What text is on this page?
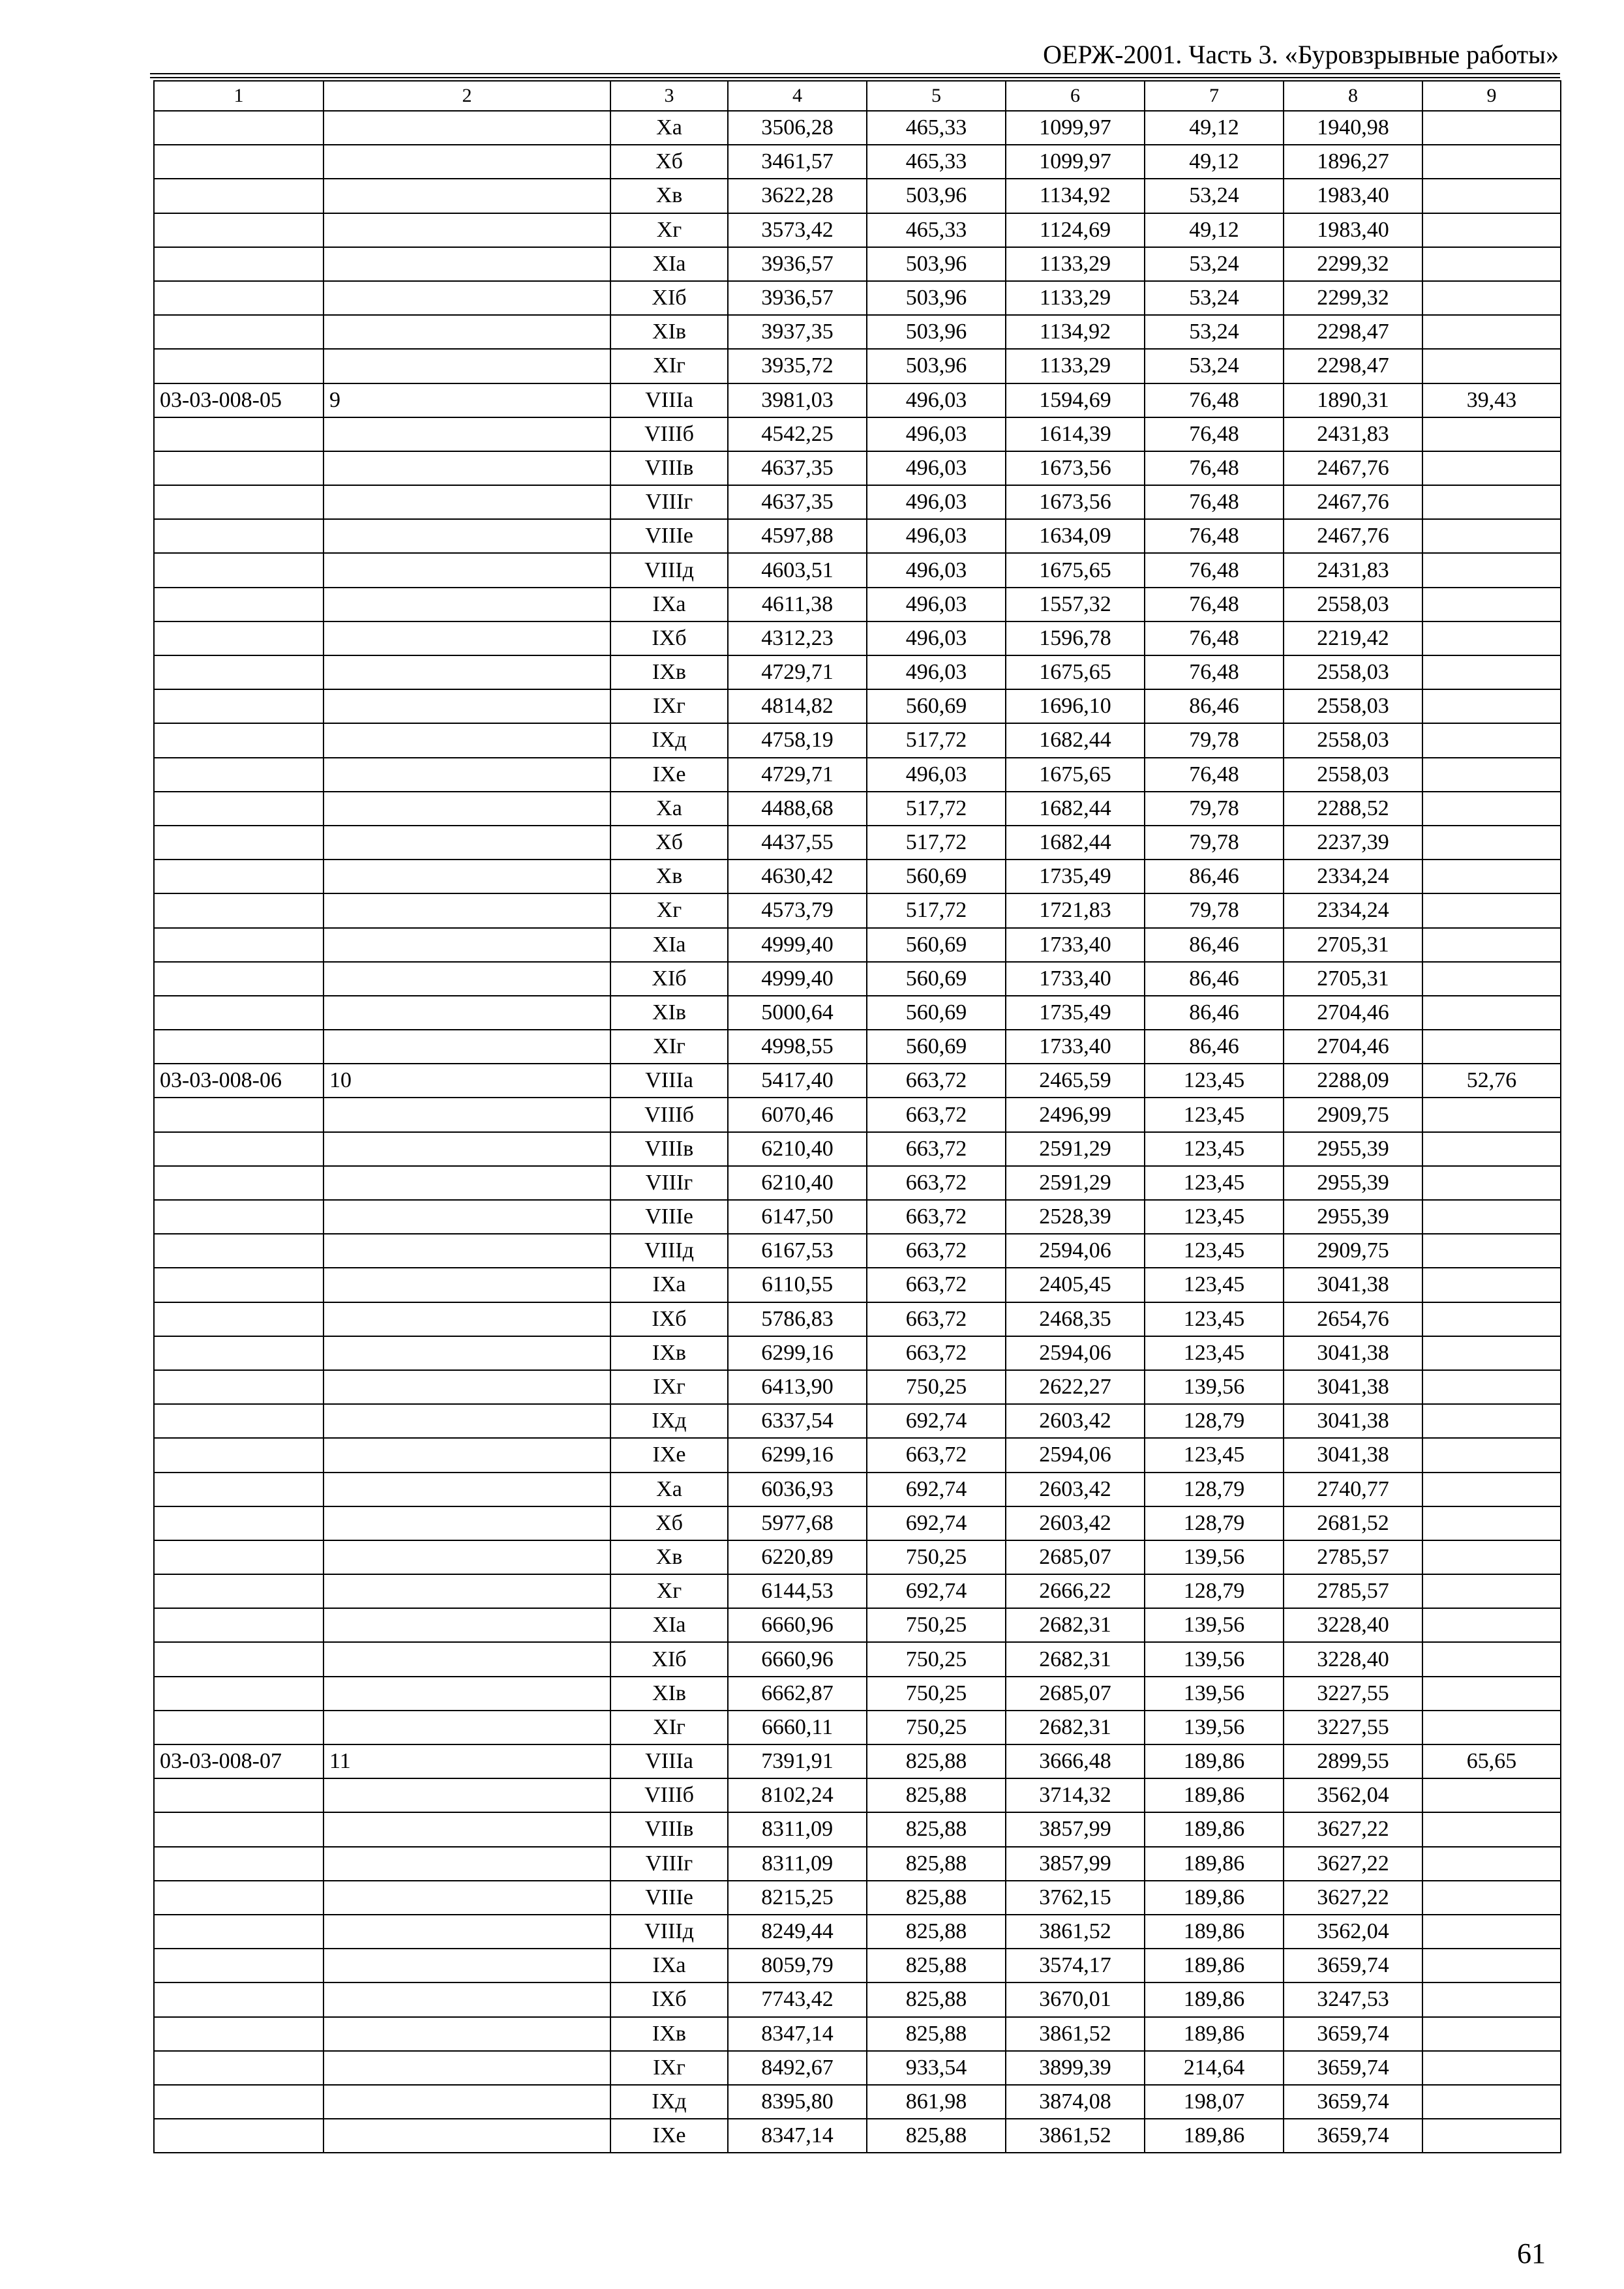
ОЕРЖ-2001. Часть 3. «Буровзрывные работы»
1	2	3	4	5	6	7	8	9
		Xа	3506,28	465,33	1099,97	49,12	1940,98	
		Xб	3461,57	465,33	1099,97	49,12	1896,27	
		Xв	3622,28	503,96	1134,92	53,24	1983,40	
		Xг	3573,42	465,33	1124,69	49,12	1983,40	
		XIа	3936,57	503,96	1133,29	53,24	2299,32	
		XIб	3936,57	503,96	1133,29	53,24	2299,32	
		XIв	3937,35	503,96	1134,92	53,24	2298,47	
		XIг	3935,72	503,96	1133,29	53,24	2298,47	
03-03-008-05	9	VIIIа	3981,03	496,03	1594,69	76,48	1890,31	39,43
		VIIIб	4542,25	496,03	1614,39	76,48	2431,83	
		VIIIв	4637,35	496,03	1673,56	76,48	2467,76	
		VIIIг	4637,35	496,03	1673,56	76,48	2467,76	
		VIIIе	4597,88	496,03	1634,09	76,48	2467,76	
		VIIIд	4603,51	496,03	1675,65	76,48	2431,83	
		IXа	4611,38	496,03	1557,32	76,48	2558,03	
		IXб	4312,23	496,03	1596,78	76,48	2219,42	
		IXв	4729,71	496,03	1675,65	76,48	2558,03	
		IXг	4814,82	560,69	1696,10	86,46	2558,03	
		IXд	4758,19	517,72	1682,44	79,78	2558,03	
		IXе	4729,71	496,03	1675,65	76,48	2558,03	
		Xа	4488,68	517,72	1682,44	79,78	2288,52	
		Xб	4437,55	517,72	1682,44	79,78	2237,39	
		Xв	4630,42	560,69	1735,49	86,46	2334,24	
		Xг	4573,79	517,72	1721,83	79,78	2334,24	
		XIа	4999,40	560,69	1733,40	86,46	2705,31	
		XIб	4999,40	560,69	1733,40	86,46	2705,31	
		XIв	5000,64	560,69	1735,49	86,46	2704,46	
		XIг	4998,55	560,69	1733,40	86,46	2704,46	
03-03-008-06	10	VIIIа	5417,40	663,72	2465,59	123,45	2288,09	52,76
		VIIIб	6070,46	663,72	2496,99	123,45	2909,75	
		VIIIв	6210,40	663,72	2591,29	123,45	2955,39	
		VIIIг	6210,40	663,72	2591,29	123,45	2955,39	
		VIIIе	6147,50	663,72	2528,39	123,45	2955,39	
		VIIIд	6167,53	663,72	2594,06	123,45	2909,75	
		IXа	6110,55	663,72	2405,45	123,45	3041,38	
		IXб	5786,83	663,72	2468,35	123,45	2654,76	
		IXв	6299,16	663,72	2594,06	123,45	3041,38	
		IXг	6413,90	750,25	2622,27	139,56	3041,38	
		IXд	6337,54	692,74	2603,42	128,79	3041,38	
		IXе	6299,16	663,72	2594,06	123,45	3041,38	
		Xа	6036,93	692,74	2603,42	128,79	2740,77	
		Xб	5977,68	692,74	2603,42	128,79	2681,52	
		Xв	6220,89	750,25	2685,07	139,56	2785,57	
		Xг	6144,53	692,74	2666,22	128,79	2785,57	
		XIа	6660,96	750,25	2682,31	139,56	3228,40	
		XIб	6660,96	750,25	2682,31	139,56	3228,40	
		XIв	6662,87	750,25	2685,07	139,56	3227,55	
		XIг	6660,11	750,25	2682,31	139,56	3227,55	
03-03-008-07	11	VIIIа	7391,91	825,88	3666,48	189,86	2899,55	65,65
		VIIIб	8102,24	825,88	3714,32	189,86	3562,04	
		VIIIв	8311,09	825,88	3857,99	189,86	3627,22	
		VIIIг	8311,09	825,88	3857,99	189,86	3627,22	
		VIIIе	8215,25	825,88	3762,15	189,86	3627,22	
		VIIIд	8249,44	825,88	3861,52	189,86	3562,04	
		IXа	8059,79	825,88	3574,17	189,86	3659,74	
		IXб	7743,42	825,88	3670,01	189,86	3247,53	
		IXв	8347,14	825,88	3861,52	189,86	3659,74	
		IXг	8492,67	933,54	3899,39	214,64	3659,74	
		IXд	8395,80	861,98	3874,08	198,07	3659,74	
		IXе	8347,14	825,88	3861,52	189,86	3659,74	
61
